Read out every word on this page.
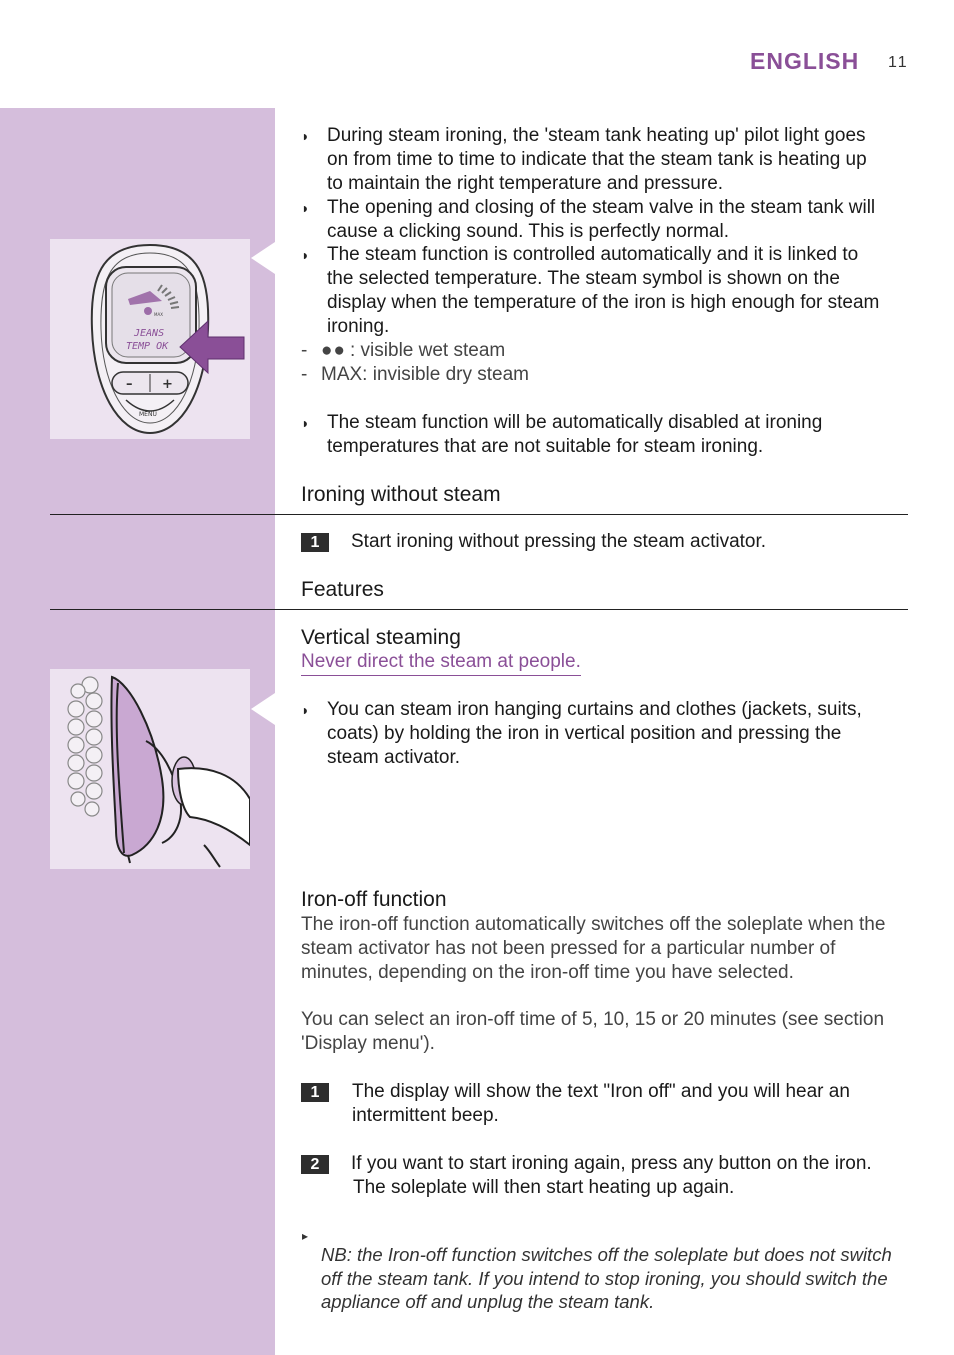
ENGLISH 11
MAX
JEANS
TEMP OK
– +
MENU
◗ During steam ironing, the 'steam tank heating up' pilot light goes

on from time to time to indicate that the steam tank is heating up

to maintain the right temperature and pressure.

◗ The opening and closing of the steam valve in the steam tank will

cause a clicking sound. This is perfectly normal.

◗ The steam function is controlled automatically and it is linked to

the selected temperature. The steam symbol is shown on the

display when the temperature of the iron is high enough for steam

ironing.

- ●● : visible wet steam
- MAX: invisible dry steam
◗ The steam function will be automatically disabled at ironing

temperatures that are not suitable for steam ironing.

Ironing without steam
1	Start ironing without pressing the steam activator.

Features
Vertical steaming
Never direct the steam at people.
◗ You can steam iron hanging curtains and clothes (jackets, suits,

coats) by holding the iron in vertical position and pressing the

steam activator.

Iron-off function

The iron-off function automatically switches off the soleplate when the

steam activator has not been pressed for a particular number of

minutes, depending on the iron-off time you have selected.

You can select an iron-off time of 5, 10, 15 or 20 minutes (see section

'Display menu').

1	The display will show the text "Iron off" and you will hear an

intermittent beep.

2	If you want to start ironing again, press any button on the iron.

The soleplate will then start heating up again.

▸

NB: the Iron-off function switches off the soleplate but does not switch

off the steam tank. If you intend to stop ironing, you should switch the

appliance off and unplug the steam tank.
